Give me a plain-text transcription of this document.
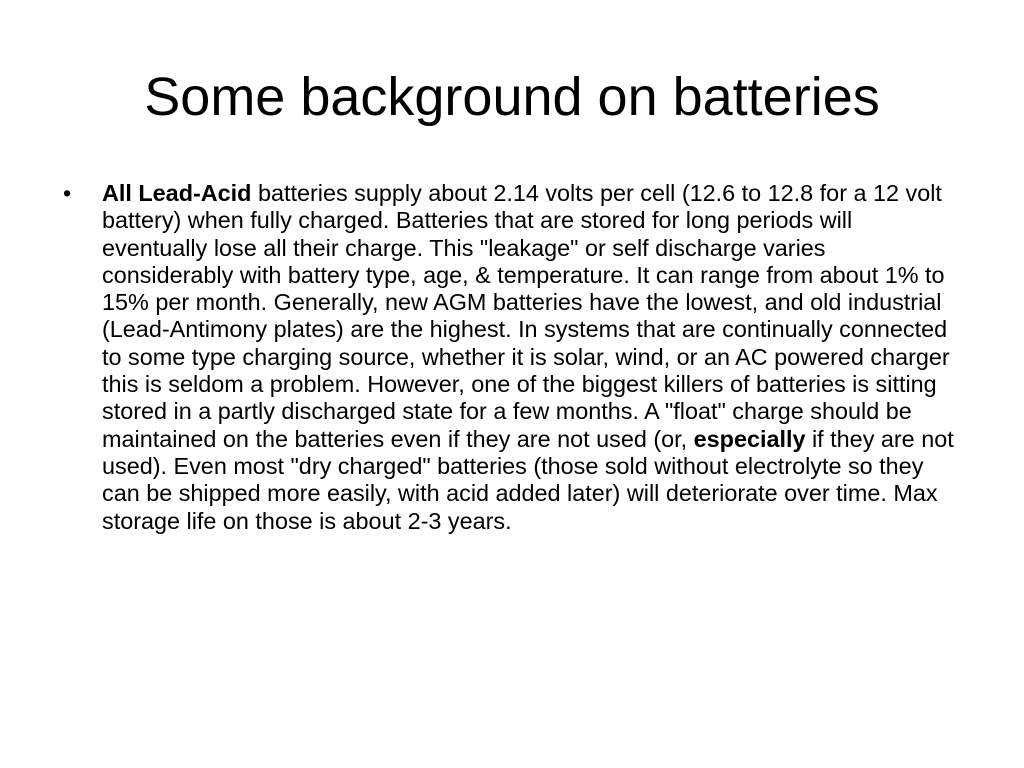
Some background on batteries
• All Lead-Acid batteries supply about 2.14 volts per cell (12.6 to 12.8 for a 12 volt battery) when fully charged. Batteries that are stored for long periods will eventually lose all their charge. This "leakage" or self discharge varies considerably with battery type, age, & temperature. It can range from about 1% to 15% per month. Generally, new AGM batteries have the lowest, and old industrial (Lead-Antimony plates) are the highest. In systems that are continually connected to some type charging source, whether it is solar, wind, or an AC powered charger this is seldom a problem. However, one of the biggest killers of batteries is sitting stored in a partly discharged state for a few months. A "float" charge should be maintained on the batteries even if they are not used (or, especially if they are not used). Even most "dry charged" batteries (those sold without electrolyte so they can be shipped more easily, with acid added later) will deteriorate over time. Max storage life on those is about 2-3 years.
